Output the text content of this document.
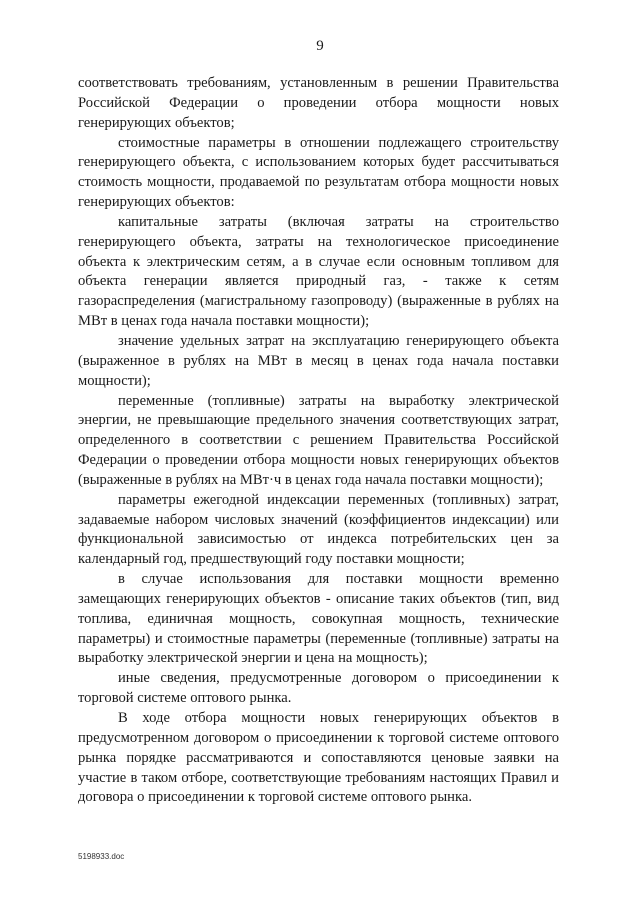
9

соответствовать требованиям, установленным в решении Правительства Российской Федерации о проведении отбора мощности новых генерирующих объектов;

стоимостные параметры в отношении подлежащего строительству генерирующего объекта, с использованием которых будет рассчитываться стоимость мощности, продаваемой по результатам отбора мощности новых генерирующих объектов:

капитальные затраты (включая затраты на строительство генерирующего объекта, затраты на технологическое присоединение объекта к электрическим сетям, а в случае если основным топливом для объекта генерации является природный газ, - также к сетям газораспределения (магистральному газопроводу) (выраженные в рублях на МВт в ценах года начала поставки мощности);

значение удельных затрат на эксплуатацию генерирующего объекта (выраженное в рублях на МВт в месяц в ценах года начала поставки мощности);

переменные (топливные) затраты на выработку электрической энергии, не превышающие предельного значения соответствующих затрат, определенного в соответствии с решением Правительства Российской Федерации о проведении отбора мощности новых генерирующих объектов (выраженные в рублях на МВт·ч в ценах года начала поставки мощности);

параметры ежегодной индексации переменных (топливных) затрат, задаваемые набором числовых значений (коэффициентов индексации) или функциональной зависимостью от индекса потребительских цен за календарный год, предшествующий году поставки мощности;

в случае использования для поставки мощности временно замещающих генерирующих объектов - описание таких объектов (тип, вид топлива, единичная мощность, совокупная мощность, технические параметры) и стоимостные параметры (переменные (топливные) затраты на выработку электрической энергии и цена на мощность);

иные сведения, предусмотренные договором о присоединении к торговой системе оптового рынка.

В ходе отбора мощности новых генерирующих объектов в предусмотренном договором о присоединении к торговой системе оптового рынка порядке рассматриваются и сопоставляются ценовые заявки на участие в таком отборе, соответствующие требованиям настоящих Правил и договора о присоединении к торговой системе оптового рынка.

5198933.doc
